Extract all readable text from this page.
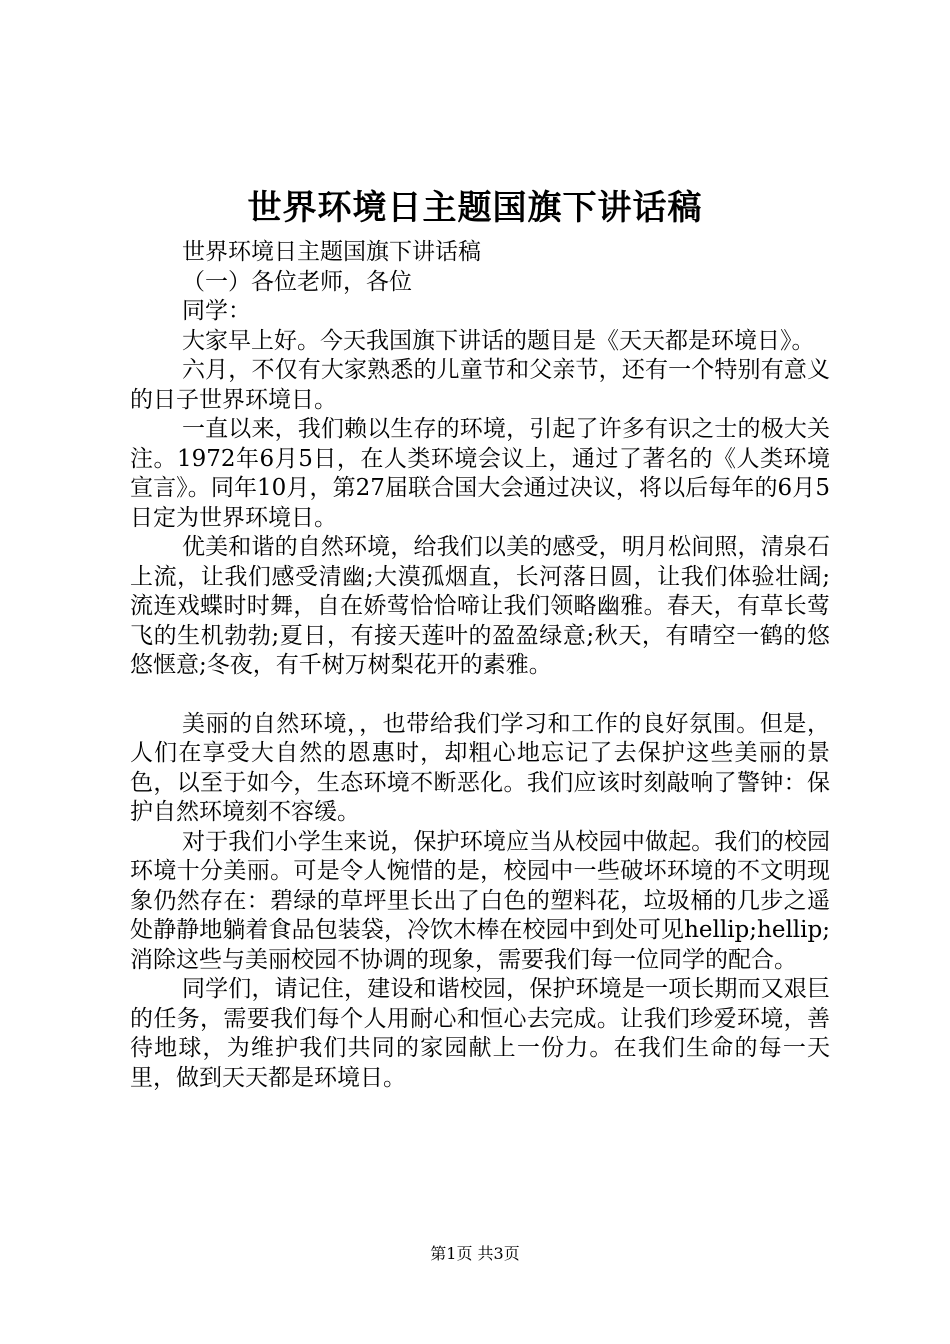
世界环境日主题国旗下讲话稿

世界环境日主题国旗下讲话稿

（一）各位老师，各位

同学：

大家早上好。今天我国旗下讲话的题目是《天天都是环境日》。

六月，不仅有大家熟悉的儿童节和父亲节，还有一个特别有意义的日子世界环境日。

一直以来，我们赖以生存的环境，引起了许多有识之士的极大关注。1972年6月5日，在人类环境会议上，通过了著名的《人类环境宣言》。同年10月，第27届联合国大会通过决议，将以后每年的6月5日定为世界环境日。

优美和谐的自然环境，给我们以美的感受，明月松间照，清泉石上流，让我们感受清幽;大漠孤烟直，长河落日圆，让我们体验壮阔;流连戏蝶时时舞，自在娇莺恰恰啼让我们领略幽雅。春天，有草长莺飞的生机勃勃;夏日，有接天莲叶的盈盈绿意;秋天，有晴空一鹤的悠悠惬意;冬夜，有千树万树梨花开的素雅。

美丽的自然环境，，也带给我们学习和工作的良好氛围。但是，人们在享受大自然的恩惠时，却粗心地忘记了去保护这些美丽的景色，以至于如今，生态环境不断恶化。我们应该时刻敲响了警钟：保护自然环境刻不容缓。

对于我们小学生来说，保护环境应当从校园中做起。我们的校园环境十分美丽。可是令人惋惜的是，校园中一些破坏环境的不文明现象仍然存在：碧绿的草坪里长出了白色的塑料花，垃圾桶的几步之遥处静静地躺着食品包装袋，冷饮木棒在校园中到处可见hellip;hellip;消除这些与美丽校园不协调的现象，需要我们每一位同学的配合。

同学们，请记住，建设和谐校园，保护环境是一项长期而又艰巨的任务，需要我们每个人用耐心和恒心去完成。让我们珍爱环境，善待地球，为维护我们共同的家园献上一份力。在我们生命的每一天里，做到天天都是环境日。

第1页 共3页
